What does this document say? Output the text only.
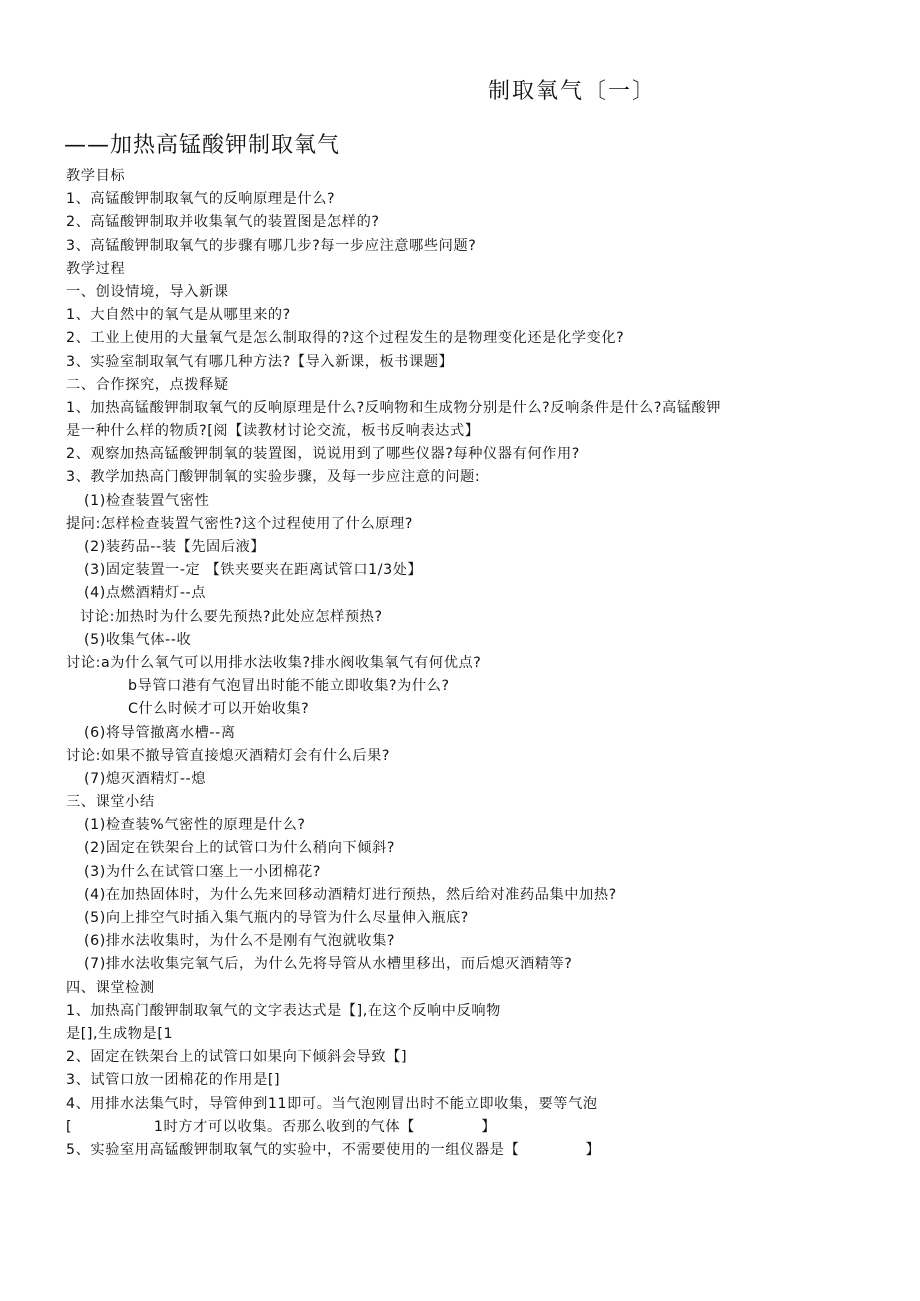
制取氧气〔一〕
——加热高锰酸钾制取氧气
教学目标
1、高锰酸钾制取氧气的反响原理是什么?
2、高锰酸钾制取并收集氧气的装置图是怎样的?
3、高锰酸钾制取氧气的步骤有哪几步?每一步应注意哪些问题?
教学过程
一、创设情境，导入新课
1、大自然中的氧气是从哪里来的?
2、工业上使用的大量氧气是怎么制取得的?这个过程发生的是物理变化还是化学变化?
3、实验室制取氧气有哪几种方法?【导入新课，板书课题】
二、合作探究，点拨释疑
1、加热高锰酸钾制取氧气的反响原理是什么?反响物和生成物分别是什么?反响条件是什么?高锰酸钾
是一种什么样的物质?[阅【读教材讨论交流，板书反响表达式】
2、观察加热高锰酸钾制氧的装置图，说说用到了哪些仪器?每种仪器有何作用?
3、教学加热高门酸钾制氧的实验步骤，及每一步应注意的问题:
(1)检查装置气密性
提问:怎样检查装置气密性?这个过程使用了什么原理?
(2)装药品--装【先固后液】
(3)固定装置一-定 【铁夹要夹在距离试管口1/3处】
(4)点燃酒精灯--点
讨论:加热时为什么要先预热?此处应怎样预热?
(5)收集气体--收
讨论:a为什么氧气可以用排水法收集?排水阀收集氧气有何优点?
b导管口港有气泡冒出时能不能立即收集?为什么?
C什么时候才可以开始收集?
(6)将导管撤离水槽--离
讨论:如果不撤导管直接熄灭酒精灯会有什么后果?
(7)熄灭酒精灯--熄
三、课堂小结
(1)检查装%气密性的原理是什么?
(2)固定在铁架台上的试管口为什么稍向下倾斜?
(3)为什么在试管口塞上一小团棉花?
(4)在加热固体时，为什么先来回移动酒精灯进行预热，然后给对准药品集中加热?
(5)向上排空气时插入集气瓶内的导管为什么尽量伸入瓶底?
(6)排水法收集时，为什么不是刚有气泡就收集?
(7)排水法收集完氧气后，为什么先将导管从水槽里移出，而后熄灭酒精等?
四、课堂检测
1、加热高门酸钾制取氧气的文字表达式是【],在这个反响中反响物
是[],生成物是[1
2、固定在铁架台上的试管口如果向下倾斜会导致【]
3、试管口放一团棉花的作用是[]
4、用排水法集气时，导管伸到11即可。当气泡刚冒出时不能立即收集，要等气泡
[                1时方才可以收集。否那么收到的气体【             】
5、实验室用高锰酸钾制取氧气的实验中，不需要使用的一组仪器是【             】
